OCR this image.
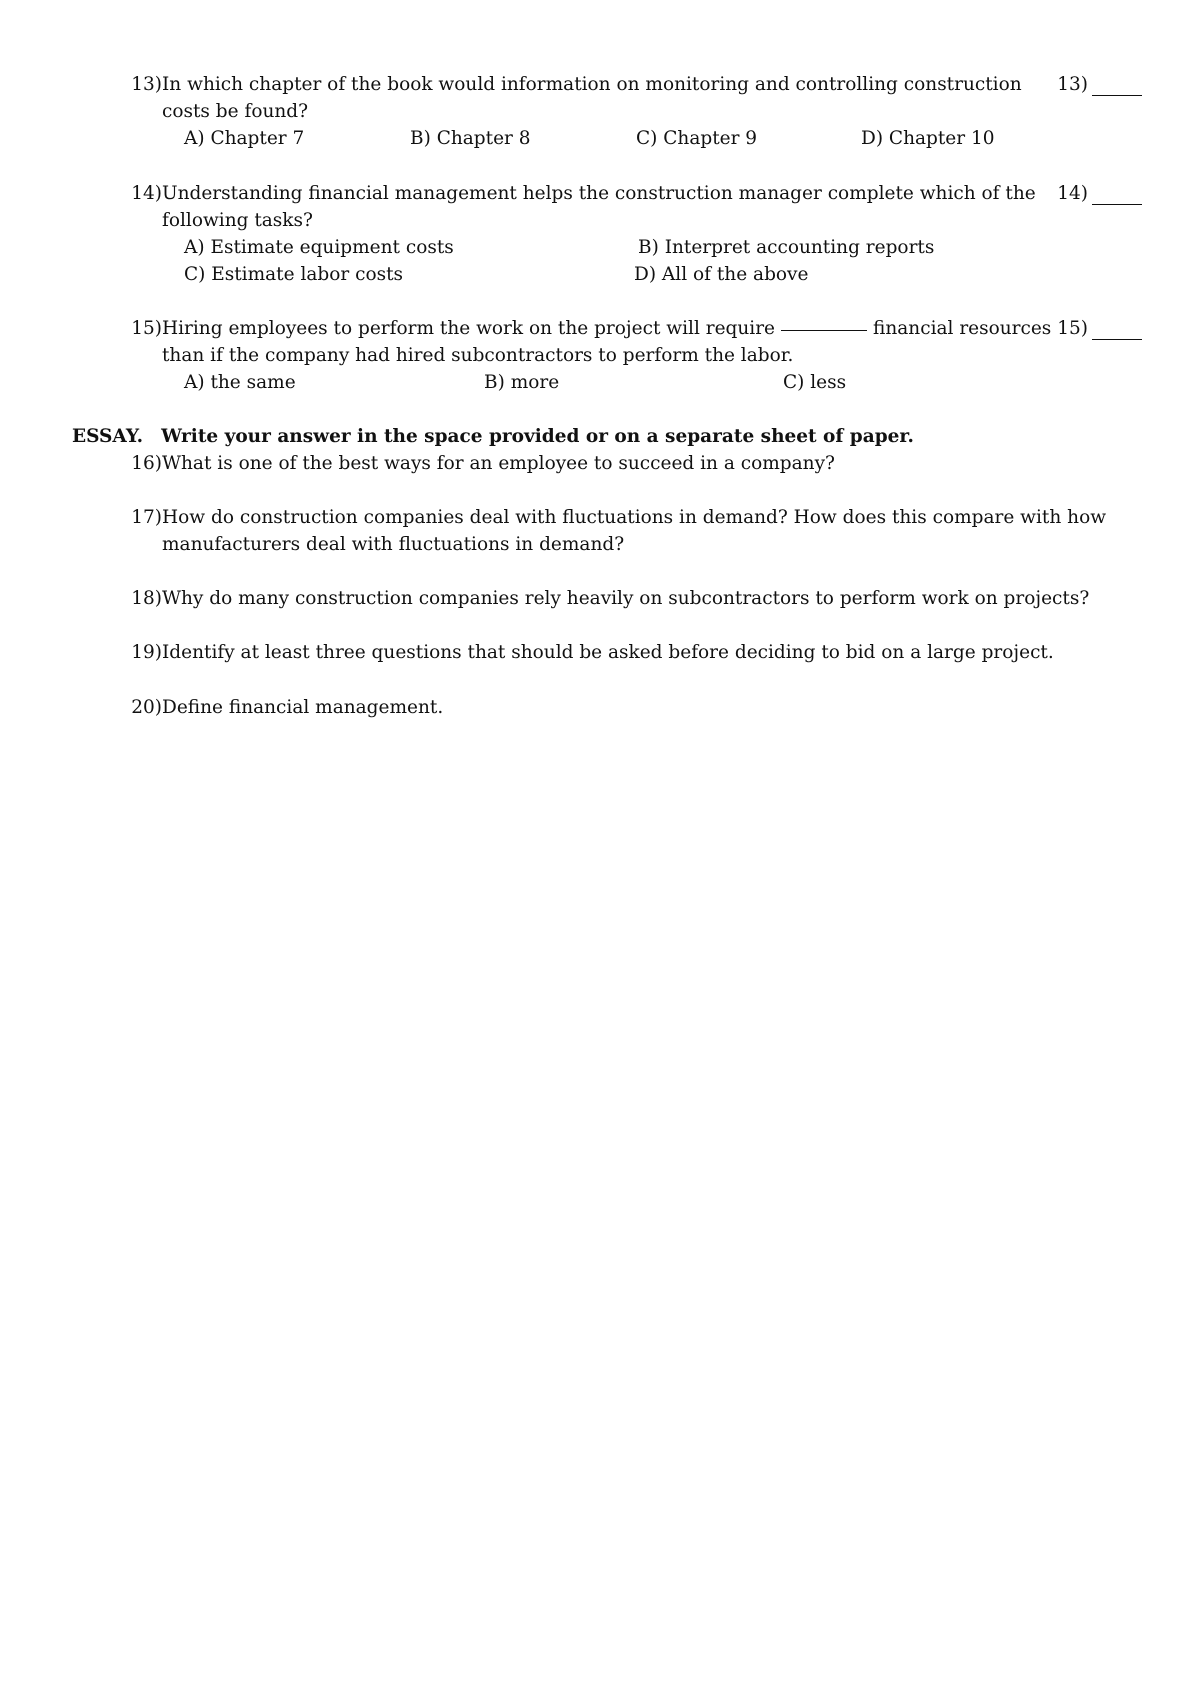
13) In which chapter of the book would information on monitoring and controlling construction
costs be found?
A) Chapter 7	B) Chapter 8	C) Chapter 9	D) Chapter 10
13)
14) Understanding financial management helps the construction manager complete which of the
following tasks?
A) Estimate equipment costs	B) Interpret accounting reports
C) Estimate labor costs	D) All of the above
14)
15) Hiring employees to perform the work on the project will require	financial resources
than if the company had hired subcontractors to perform the labor.
A) the same	B) more	C) less
15)
ESSAY. Write your answer in the space provided or on a separate sheet of paper.
16) What is one of the best ways for an employee to succeed in a company?
17) How do construction companies deal with fluctuations in demand? How does this compare with how
manufacturers deal with fluctuations in demand?
18) Why do many construction companies rely heavily on subcontractors to perform work on projects?
19) Identify at least three questions that should be asked before deciding to bid on a large project.
20) Define financial management.
